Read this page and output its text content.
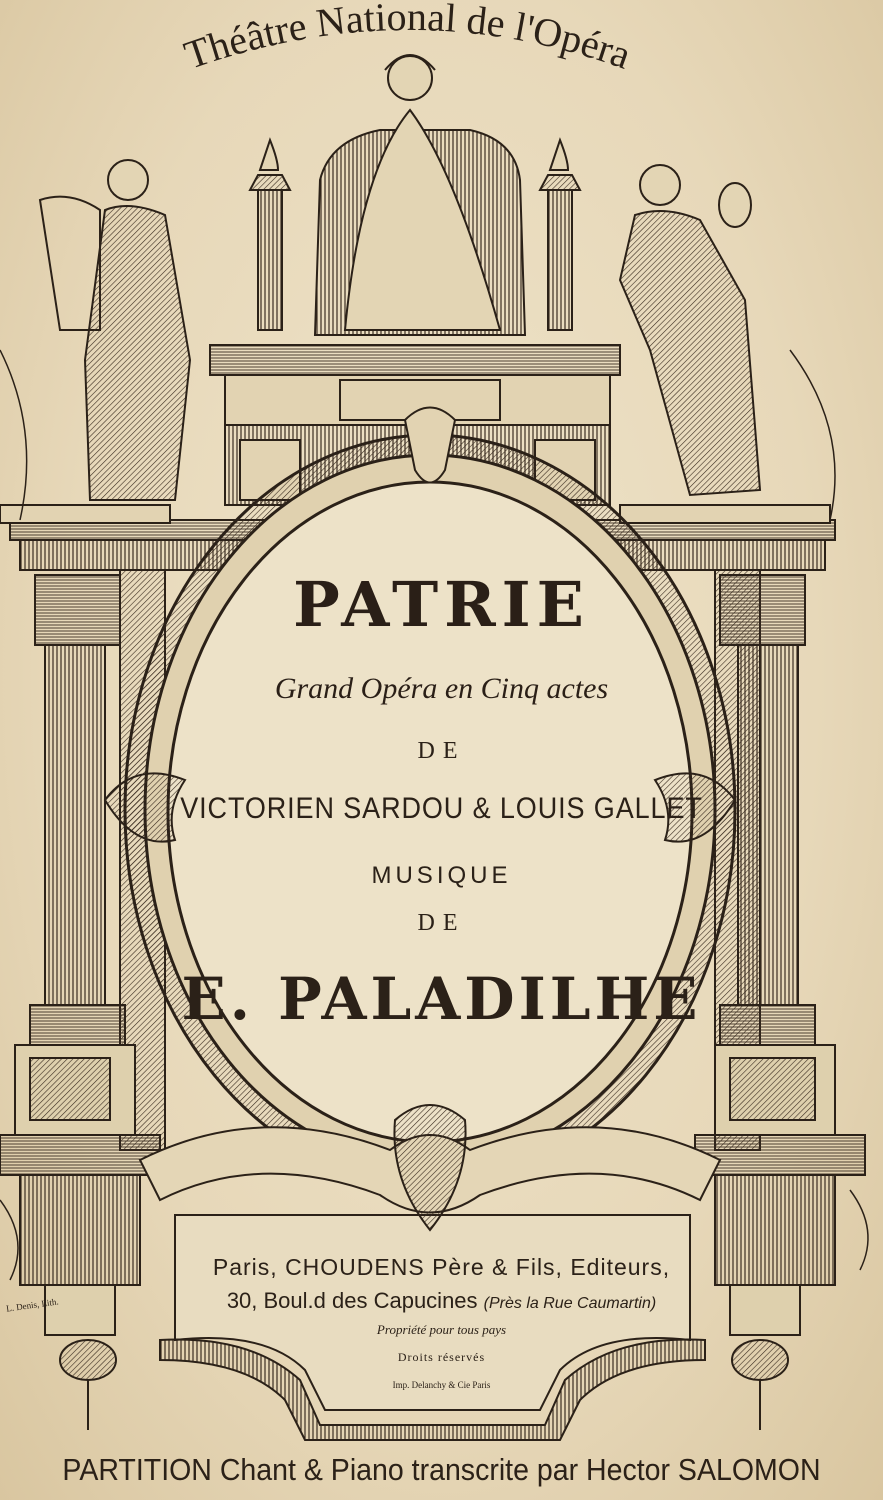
Théâtre National de l'Opéra
PATRIE
Grand Opéra en Cinq actes
DE
VICTORIEN SARDOU & LOUIS GALLET
MUSIQUE
DE
E. PALADILHE
Paris, CHOUDENS Père & Fils, Editeurs,
30, Boul.d des Capucines (Près la Rue Caumartin)
Propriété pour tous pays
Droits réservés
Imp. Delanchy & Cie Paris
L. Denis, Lith.
PARTITION Chant & Piano transcrite par Hector SALOMON
